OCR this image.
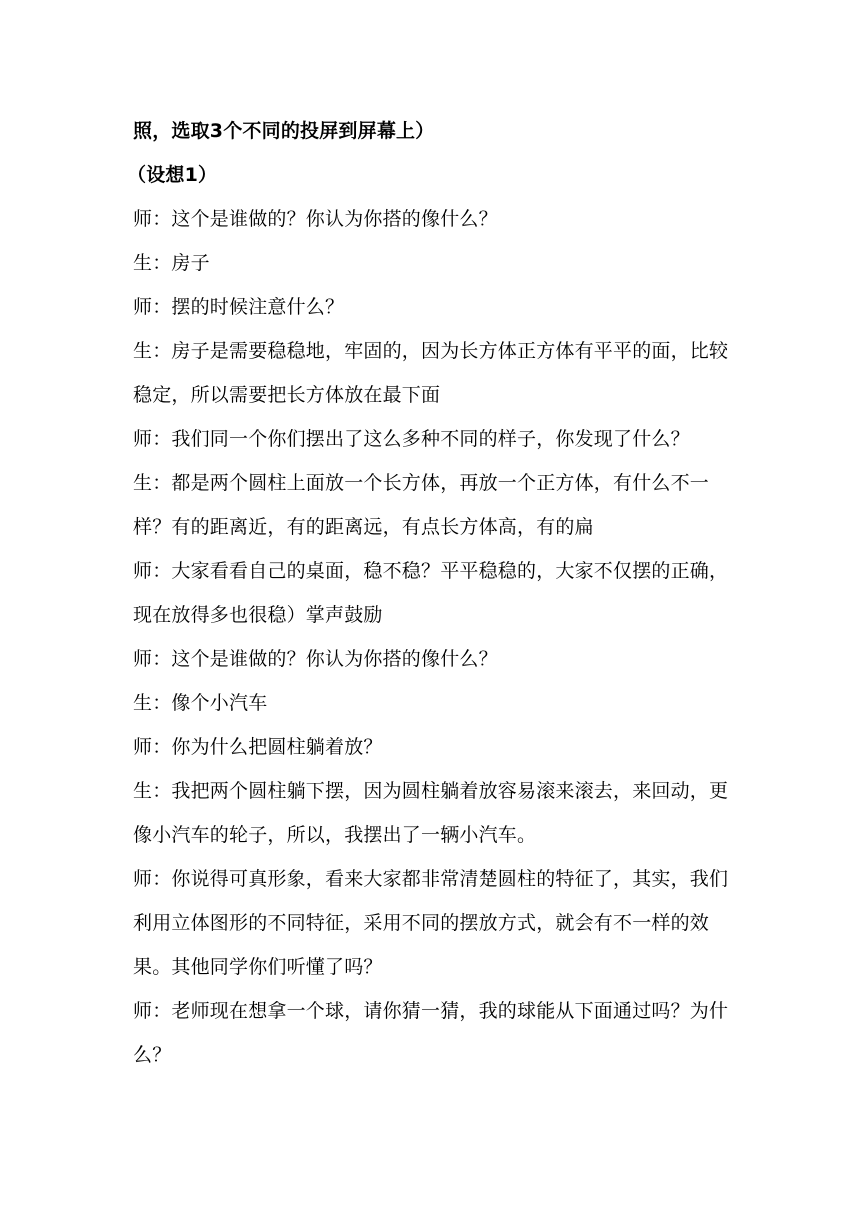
照，选取3个不同的投屏到屏幕上）

（设想1）

师：这个是谁做的？你认为你搭的像什么？

生：房子

师：摆的时候注意什么？

生：房子是需要稳稳地，牢固的，因为长方体正方体有平平的面，比较稳定，所以需要把长方体放在最下面

师：我们同一个你们摆出了这么多种不同的样子，你发现了什么？

生：都是两个圆柱上面放一个长方体，再放一个正方体，有什么不一样？有的距离近，有的距离远，有点长方体高，有的扁

师：大家看看自己的桌面，稳不稳？平平稳稳的，大家不仅摆的正确，现在放得多也很稳）掌声鼓励

师：这个是谁做的？你认为你搭的像什么？

生：像个小汽车

师：你为什么把圆柱躺着放？

生：我把两个圆柱躺下摆，因为圆柱躺着放容易滚来滚去，来回动，更像小汽车的轮子，所以，我摆出了一辆小汽车。

师：你说得可真形象，看来大家都非常清楚圆柱的特征了，其实，我们利用立体图形的不同特征，采用不同的摆放方式，就会有不一样的效果。其他同学你们听懂了吗？

师：老师现在想拿一个球，请你猜一猜，我的球能从下面通过吗？为什么？
